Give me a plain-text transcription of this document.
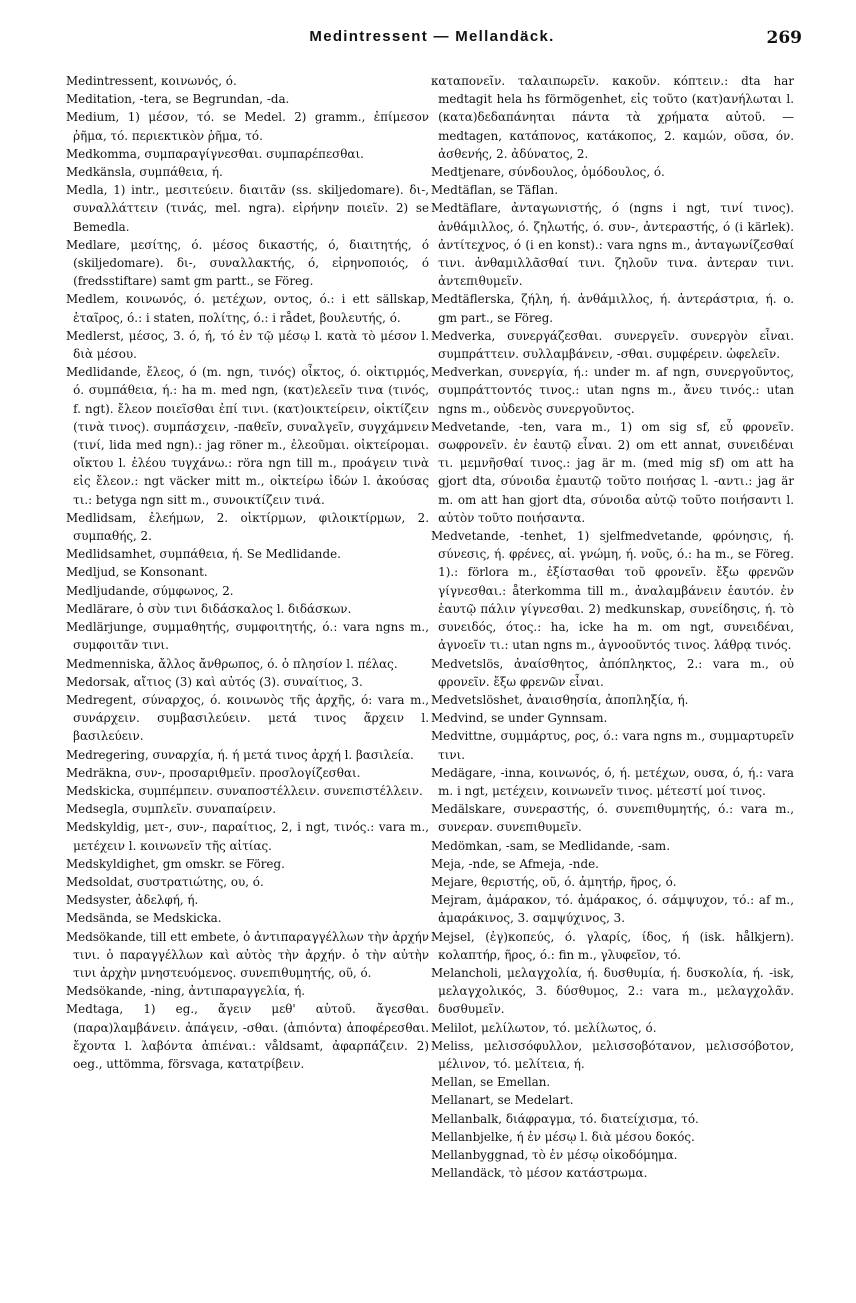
Medintressent — Mellandäck.	269

Medintressent, κοινωνός, ό.

Meditation, -tera, se Begrundan, -da.

Medium, 1) μέσον, τό. se Medel. 2) gramm., ἐπίμεσον ῥῆμα, τό. περιεκτικὸν ῥῆμα, τό.

Medkomma, συμπαραγίγνεσθαι. συμπαρέπεσθαι.

Medkänsla, συμπάθεια, ή.

Medla, 1) intr., μεσιτεύειν. διαιτᾶν (ss. skiljedomare). δι-, συναλλάττειν (τινάς, mel. ngra). εἰρήνην ποιεῖν. 2) se Bemedla.

Medlare, μεσίτης, ό. μέσος δικαστής, ό, διαιτητής, ό (skiljedomare). δι-, συναλλακτής, ό, εἰρηνοποιός, ό (fredsstiftare) samt gm partt., se Föreg.

Medlem, κοινωνός, ό. μετέχων, οντος, ό.: i ett sällskap, ἑταῖρος, ό.: i staten, πολίτης, ό.: i rådet, βουλευτής, ό.

Medlerst, μέσος, 3. ό, ή, τό ἐν τῷ μέσῳ l. κατὰ τὸ μέσον l. διὰ μέσου.

Medlidande, ἔλεος, ό (m. ngn, τινός) οἶκτος, ό. οἰκτιρμός, ό. συμπάθεια, ή.: ha m. med ngn, (κατ)ελεεῖν τινα (τινός, f. ngt). ἔλεον ποιεῖσθαι ἐπί τινι. (κατ)οικτείρειν, οἰκτίζειν (τινὰ τινος). συμπάσχειν, -παθεῖν, συναλγεῖν, συγχάμνειν (τινί, lida med ngn).: jag röner m., ἐλεοῦμαι. οἰκτείρομαι. οἴκτου l. ἐλέου τυγχάνω.: röra ngn till m., προάγειν τινὰ εἰς ἔλεον.: ngt väcker mitt m., οἰκτείρω ἰδών l. ἀκούσας τι.: betyga ngn sitt m., συνοικτίζειν τινά.

Medlidsam, ἐλεήμων, 2. οἰκτίρμων, φιλοικτίρμων, 2. συμπαθής, 2.

Medlidsamhet, συμπάθεια, ή. Se Medlidande.

Medljud, se Konsonant.

Medljudande, σύμφωνος, 2.

Medlärare, ὁ σὺν τινι διδάσκαλος l. διδάσκων.

Medlärjunge, συμμαθητής, συμφοιτητής, ό.: vara ngns m., συμφοιτᾶν τινι.

Medmenniska, ἄλλος ἄνθρωπος, ό. ὁ πλησίον l. πέλας.

Medorsak, αἴτιος (3) καὶ αὐτός (3). συναίτιος, 3.

Medregent, σύναρχος, ό. κοινωνὸς τῆς ἀρχῆς, ό: vara m., συνάρχειν. συμβασιλεύειν. μετά τινος ἄρχειν l. βασιλεύειν.

Medregering, συναρχία, ή. ή μετά τινος ἀρχή l. βασιλεία.

Medräkna, συν-, προσαριθμεῖν. προσλογίζεσθαι.

Medskicka, συμπέμπειν. συναποστέλλειν. συνεπιστέλλειν.

Medsegla, συμπλεῖν. συναπαίρειν.

Medskyldig, μετ-, συν-, παραίτιος, 2, i ngt, τινός.: vara m., μετέχειν l. κοινωνεῖν τῆς αἰτίας.

Medskyldighet, gm omskr. se Föreg.

Medsoldat, συστρατιώτης, ου, ό.

Medsyster, ἀδελφή, ή.

Medsända, se Medskicka.

Medsökande, till ett embete, ὁ ἀντιπαραγγέλλων τὴν ἀρχήν τινι. ὁ παραγγέλλων καὶ αὐτὸς τὴν ἀρχήν. ὁ τὴν αὐτὴν τινι ἀρχὴν μνηστευόμενος. συνεπιθυμητής, οῦ, ό.

Medsökande, -ning, ἀντιπαραγγελία, ή.

Medtaga, 1) eg., ἄγειν μεθ' αὑτοῦ. ἄγεσθαι. (παρα)λαμβάνειν. ἀπάγειν, -σθαι. (ἀπιόντα) ἀποφέρεσθαι. ἔχοντα l. λαβόντα ἀπιέναι.: våldsamt, ἀφαρπάζειν. 2) oeg., uttömma, försvaga, κατατρίβειν.

καταπονεῖν. ταλαιπωρεῖν. κακοῦν. κόπτειν.: dta har medtagit hela hs förmögenhet, εἰς τοῦτο (κατ)ανήλωται l. (κατα)δεδαπάνηται πάντα τὰ χρήματα αὐτοῦ. — medtagen, κατάπονος, κατάκοπος, 2. καμών, οῦσα, όν. ἀσθενής, 2. ἀδύνατος, 2.

Medtjenare, σύνδουλος, ὁμόδουλος, ό.

Medtäflan, se Täflan.

Medtäflare, ἀνταγωνιστής, ό (ngns i ngt, τινί τινος). ἀνθάμιλλος, ό. ζηλωτής, ό. συν-, ἀντεραστής, ό (i kärlek). ἀντίτεχνος, ό (i en konst).: vara ngns m., ἀνταγωνίζεσθαί τινι. ἀνθαμιλλᾶσθαί τινι. ζηλοῦν τινα. ἀντεραν τινι. ἀντεπιθυμεῖν.

Medtäflerska, ζήλη, ή. ἀνθάμιλλος, ή. ἀντεράστρια, ή. o. gm part., se Föreg.

Medverka, συνεργάζεσθαι. συνεργεῖν. συνεργὸν εἶναι. συμπράττειν. συλλαμβάνειν, -σθαι. συμφέρειν. ὠφελεῖν.

Medverkan, συνεργία, ή.: under m. af ngn, συνεργοῦντος, συμπράττοντός τινος.: utan ngns m., ἄνευ τινός.: utan ngns m., οὐδενὸς συνεργοῦντος.

Medvetande, -ten, vara m., 1) om sig sf, εὖ φρονεῖν. σωφρονεῖν. ἐν ἑαυτῷ εἶναι. 2) om ett annat, συνειδέναι τι. μεμνῆσθαί τινος.: jag är m. (med mig sf) om att ha gjort dta, σύνοιδα ἐμαυτῷ τοῦτο ποιήσας l. -αντι.: jag är m. om att han gjort dta, σύνοιδα αὐτῷ τοῦτο ποιήσαντι l. αὐτὸν τοῦτο ποιήσαντα.

Medvetande, -tenhet, 1) sjelfmedvetande, φρόνησις, ή. σύνεσις, ή. φρένες, αἱ. γνώμη, ή. νοῦς, ό.: ha m., se Föreg. 1).: förlora m., ἐξίστασθαι τοῦ φρονεῖν. ἔξω φρενῶν γίγνεσθαι.: återkomma till m., ἀναλαμβάνειν ἑαυτόν. ἐν ἑαυτῷ πάλιν γίγνεσθαι. 2) medkunskap, συνείδησις, ή. τὸ συνειδός, ότος.: ha, icke ha m. om ngt, συνειδέναι, ἀγνοεῖν τι.: utan ngns m., ἀγνοοῦντός τινος. λάθρᾳ τινός.

Medvetslös, ἀναίσθητος, ἀπόπληκτος, 2.: vara m., οὐ φρονεῖν. ἔξω φρενῶν εἶναι.

Medvetslöshet, ἀναισθησία, ἀποπληξία, ή.

Medvind, se under Gynnsam.

Medvittne, συμμάρτυς, ρος, ό.: vara ngns m., συμμαρτυρεῖν τινι.

Medägare, -inna, κοινωνός, ό, ή. μετέχων, ουσα, ό, ή.: vara m. i ngt, μετέχειν, κοινωνεῖν τινος. μέτεστί μοί τινος.

Medälskare, συνεραστής, ό. συνεπιθυμητής, ό.: vara m., συνεραν. συνεπιθυμεῖν.

Medömkan, -sam, se Medlidande, -sam.

Meja, -nde, se Afmeja, -nde.

Mejare, θεριστής, οῦ, ό. ἀμητήρ, ῆρος, ό.

Mejram, ἀμάρακον, τό. ἀμάρακος, ό. σάμψυχον, τό.: af m., ἀμαράκινος, 3. σαμψύχινος, 3.

Mejsel, (ἐγ)κοπεύς, ό. γλαρίς, ίδος, ή (isk. hålkjern). κολαπτήρ, ῆρος, ό.: fin m., γλυφεῖον, τό.

Melancholi, μελαγχολία, ή. δυσθυμία, ή. δυσκολία, ή. -isk, μελαγχολικός, 3. δύσθυμος, 2.: vara m., μελαγχολᾶν. δυσθυμεῖν.

Melilot, μελίλωτον, τό. μελίλωτος, ό.

Meliss, μελισσόφυλλον, μελισσοβότανον, μελισσόβοτον, μέλινον, τό. μελίτεια, ή.

Mellan, se Emellan.

Mellanart, se Medelart.

Mellanbalk, διάφραγμα, τό. διατείχισμα, τό.

Mellanbjelke, ή ἐν μέσῳ l. διὰ μέσου δοκός.

Mellanbyggnad, τὸ ἐν μέσῳ οἰκοδόμημα.

Mellandäck, τὸ μέσον κατάστρωμα.
